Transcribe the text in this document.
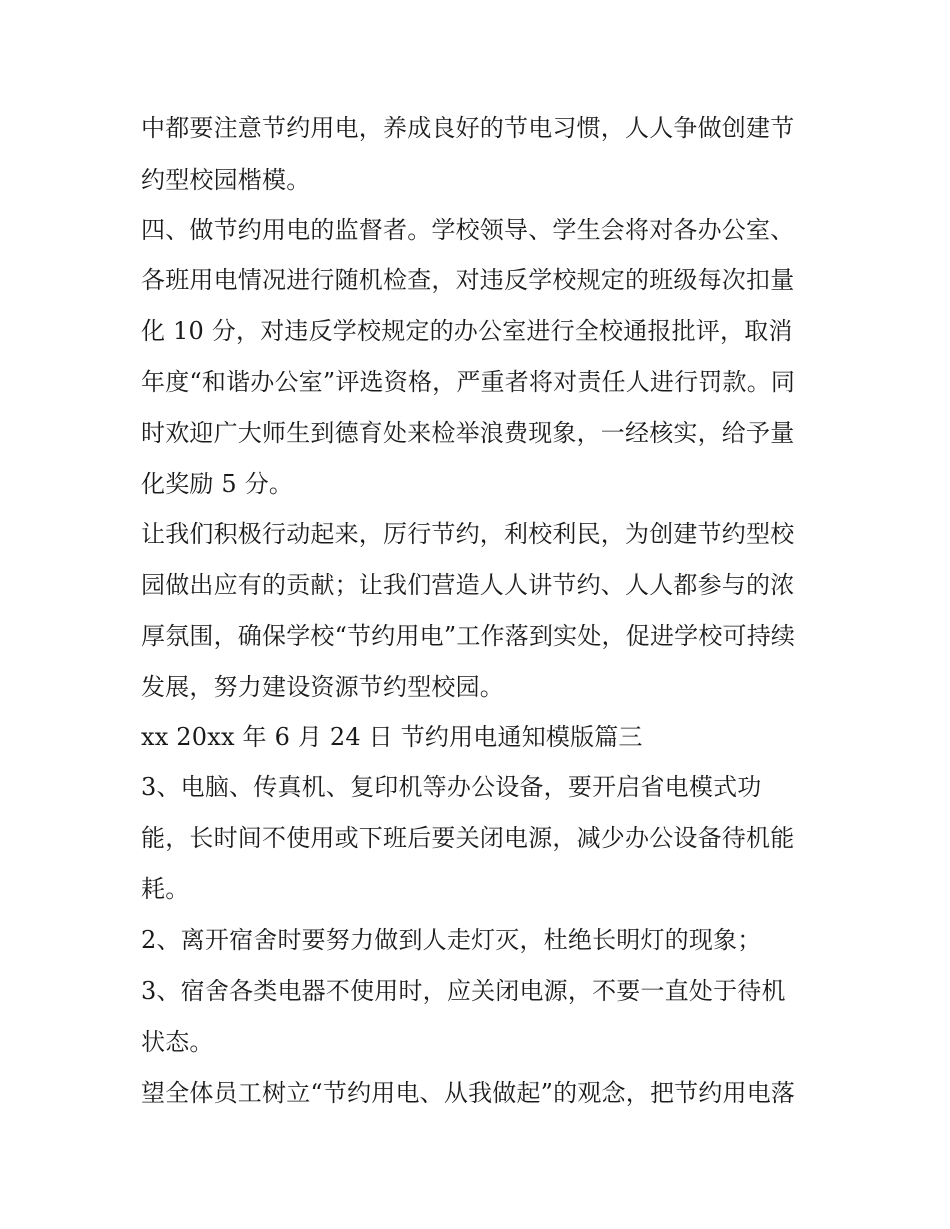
中都要注意节约用电，养成良好的节电习惯，人人争做创建节
约型校园楷模。
四、做节约用电的监督者。学校领导、学生会将对各办公室、
各班用电情况进行随机检查，对违反学校规定的班级每次扣量
化 10 分，对违反学校规定的办公室进行全校通报批评，取消
年度“和谐办公室”评选资格，严重者将对责任人进行罚款。同
时欢迎广大师生到德育处来检举浪费现象，一经核实，给予量
化奖励 5 分。
让我们积极行动起来，厉行节约，利校利民，为创建节约型校
园做出应有的贡献；让我们营造人人讲节约、人人都参与的浓
厚氛围，确保学校“节约用电”工作落到实处，促进学校可持续
发展，努力建设资源节约型校园。
xx 20xx 年 6 月 24 日 节约用电通知模版篇三
3、电脑、传真机、复印机等办公设备，要开启省电模式功
能，长时间不使用或下班后要关闭电源，减少办公设备待机能
耗。
2、离开宿舍时要努力做到人走灯灭，杜绝长明灯的现象；
3、宿舍各类电器不使用时，应关闭电源，不要一直处于待机
状态。
望全体员工树立“节约用电、从我做起”的观念，把节约用电落
